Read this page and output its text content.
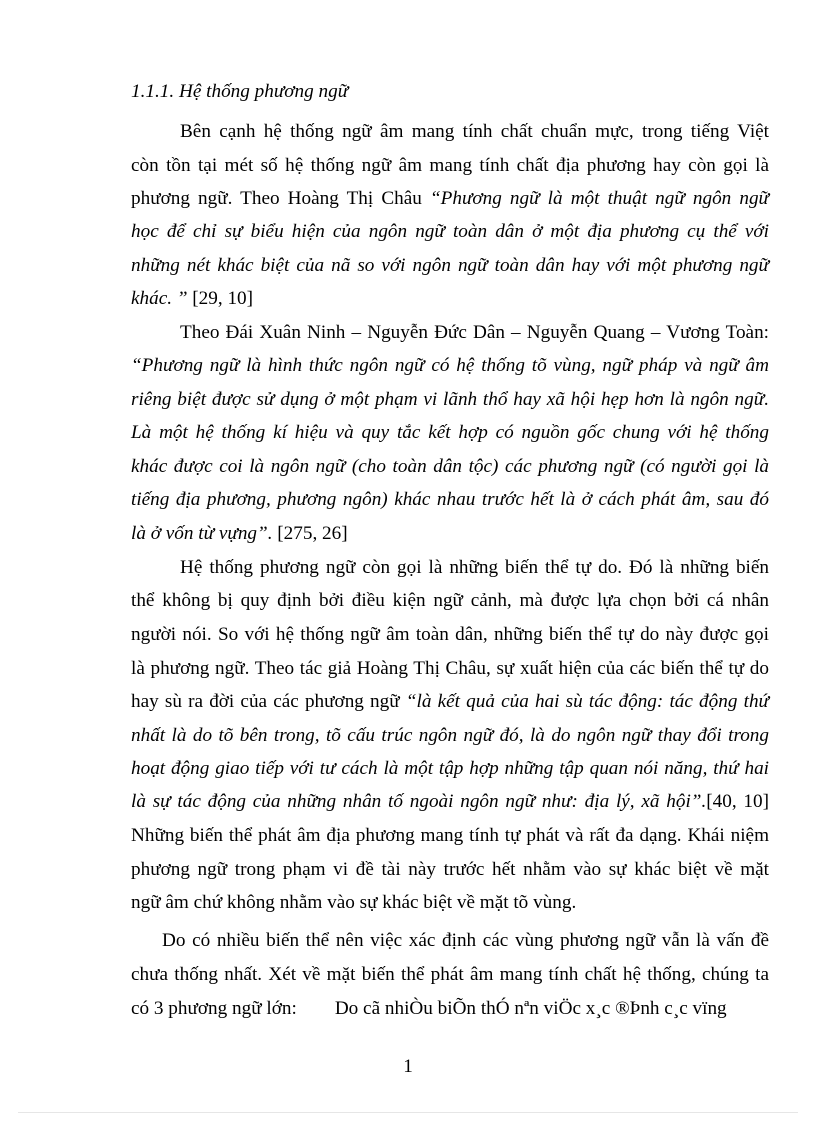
1.1.1. Hệ thống phương ngữ
Bên cạnh hệ thống ngữ âm mang tính chất chuẩn mực, trong tiếng Việt
còn tồn tại mét số hệ thống ngữ âm mang tính chất địa phương hay còn gọi là
phương ngữ. Theo Hoàng Thị Châu “Phương ngữ là một thuật ngữ ngôn ngữ
học để chỉ sự biểu hiện của ngôn ngữ toàn dân ở một địa phương cụ thể với
những nét khác biệt của nã so với ngôn ngữ toàn dân hay với một phương ngữ
khác. ” [29, 10]
Theo Đái Xuân Ninh – Nguyễn Đức Dân – Nguyễn Quang – Vương Toàn:
“Phương ngữ là hình thức ngôn ngữ có hệ thống tõ vùng, ngữ pháp và ngữ âm
riêng biệt được sử dụng ở một phạm vi lãnh thổ hay xã hội hẹp hơn là ngôn ngữ.
Là một hệ thống kí hiệu và quy tắc kết hợp có nguồn gốc chung với hệ thống
khác được coi là ngôn ngữ (cho toàn dân tộc) các phương ngữ (có người gọi là
tiếng địa phương, phương ngôn) khác nhau trước hết là ở cách phát âm, sau đó
là ở vốn từ vựng”. [275, 26]
Hệ thống phương ngữ còn gọi là những biến thể tự do. Đó là những biến
thể không bị quy định bởi điều kiện ngữ cảnh, mà được lựa chọn bởi cá nhân
người nói. So với hệ thống ngữ âm toàn dân, những biến thể tự do này được gọi
là phương ngữ. Theo tác giả Hoàng Thị Châu, sự xuất hiện của các biến thể tự do
hay sù ra đời của các phương ngữ “là kết quả của hai sù tác động: tác động thứ
nhất là do tõ bên trong, tõ cấu trúc ngôn ngữ đó, là do ngôn ngữ thay đổi trong
hoạt động giao tiếp với tư cách là một tập hợp những tập quan nói năng, thứ hai
là sự tác động của những nhân tố ngoài ngôn ngữ như: địa lý, xã hội”.[40, 10]
Những biến thể phát âm địa phương mang tính tự phát và rất đa dạng. Khái niệm
phương ngữ trong phạm vi đề tài này trước hết nhằm vào sự khác biệt về mặt
ngữ âm chứ không nhằm vào sự khác biệt về mặt tõ vùng.
Do có nhiều biến thể nên việc xác định các vùng phương ngữ vẫn là vấn đề
chưa thống nhất. Xét về mặt biến thể phát âm mang tính chất hệ thống, chúng ta
có 3 phương ngữ lớn: Do cã nhiÒu biÕn thÓ nªn viÖc x¸c ®Þnh c¸c vïng
1
